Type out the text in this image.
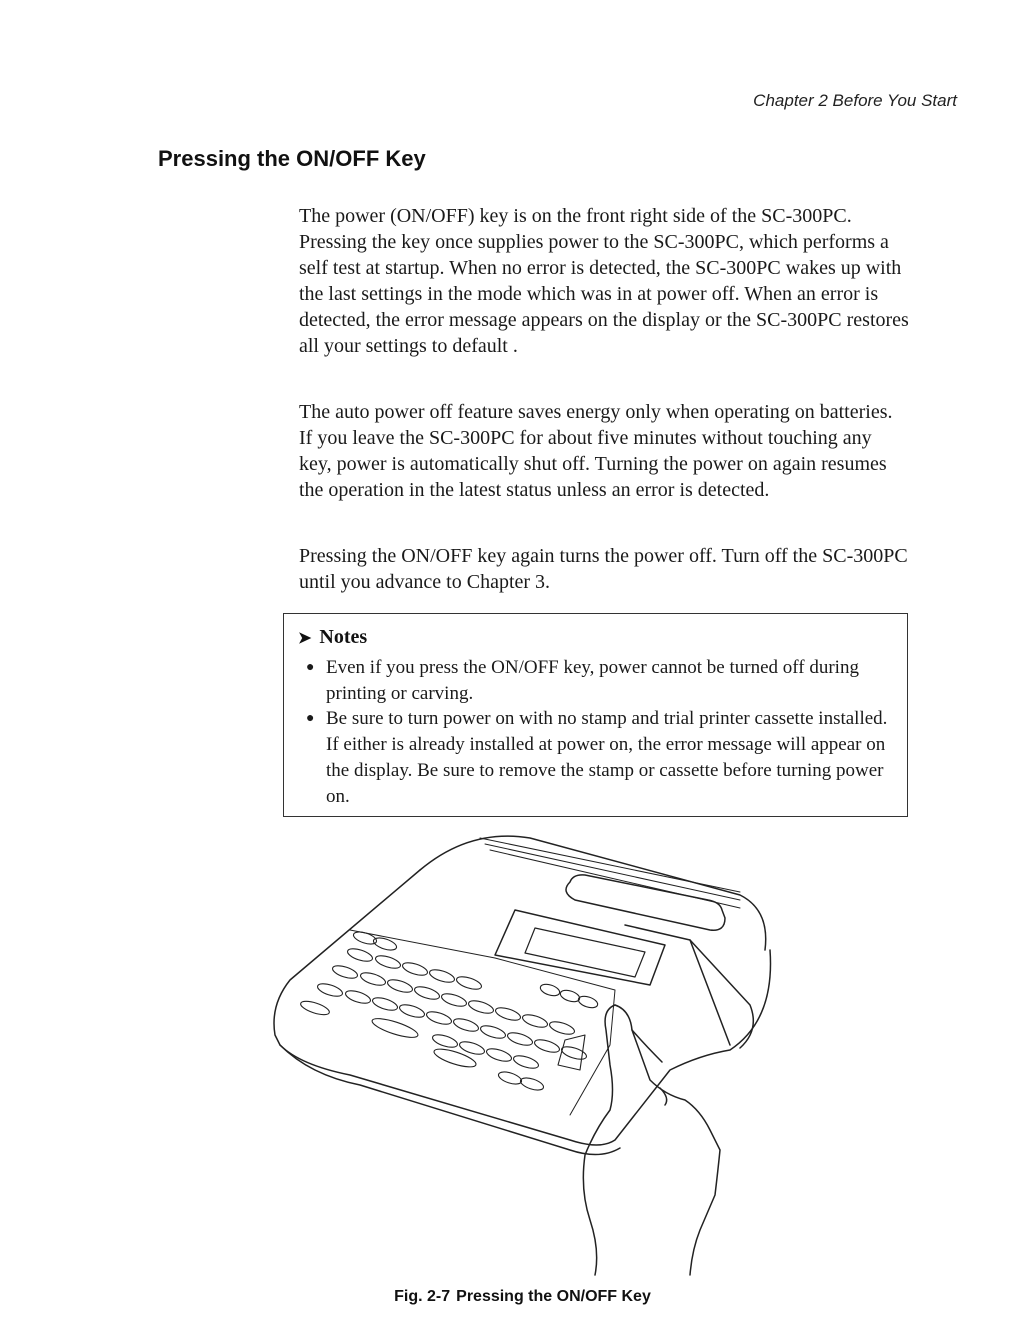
Chapter 2 Before You Start
Pressing the ON/OFF Key

The power (ON/OFF) key is on the front right side of the SC-300PC. Pressing the key once supplies power to the SC-300PC, which performs a self test at startup. When no error is detected, the SC-300PC wakes up with the last settings in the mode which was in at power off. When an error is detected, the error message appears on the display or the SC-300PC restores all your settings to default .

The auto power off feature saves energy only when operating on batteries. If you leave the SC-300PC for about five minutes without touching any key, power is automatically shut off. Turning the power on again resumes the operation in the latest status unless an error is detected.

Pressing the ON/OFF key again turns the power off. Turn off the SC-300PC until you advance to Chapter 3.

➤ Notes
● Even if you press the ON/OFF key, power cannot be turned off during printing or carving.
● Be sure to turn power on with no stamp and trial printer cassette installed. If either is already installed at power on, the error message will appear on the display. Be sure to remove the stamp or cassette before turning power on.
Fig. 2-7 Pressing the ON/OFF Key
